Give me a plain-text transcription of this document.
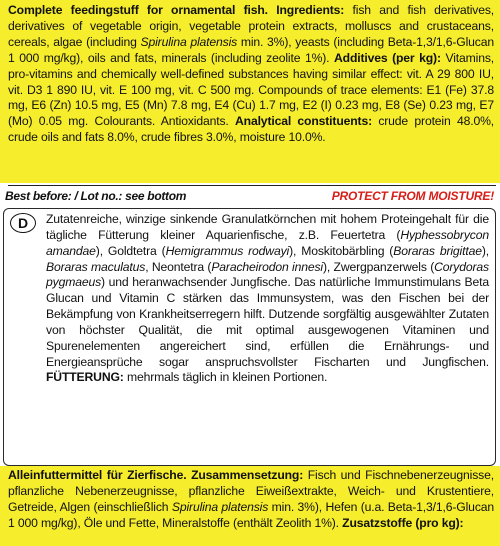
Complete feedingstuff for ornamental fish. Ingredients: fish and fish derivatives, derivatives of vegetable origin, vegetable protein extracts, molluscs and crustaceans, cereals, algae (including Spirulina platensis min. 3%), yeasts (including Beta-1,3/1,6-Glucan 1 000 mg/kg), oils and fats, minerals (including zeolite 1%). Additives (per kg): Vitamins, pro-vitamins and chemically well-defined substances having similar effect: vit. A 29 800 IU, vit. D3 1 890 IU, vit. E 100 mg, vit. C 500 mg. Compounds of trace elements: E1 (Fe) 37.8 mg, E6 (Zn) 10.5 mg, E5 (Mn) 7.8 mg, E4 (Cu) 1.7 mg, E2 (I) 0.23 mg, E8 (Se) 0.23 mg, E7 (Mo) 0.05 mg. Colourants. Antioxidants. Analytical constituents: crude protein 48.0%, crude oils and fats 8.0%, crude fibres 3.0%, moisture 10.0%.

Best before: / Lot no.: see bottom	PROTECT FROM MOISTURE!
D	Zutatenreiche, winzige sinkende Granulatkörnchen mit hohem Proteingehalt für die tägliche Fütterung kleiner Aquarienfische, z.B. Feuertetra (Hyphessobrycon amandae), Goldtetra (Hemigrammus rodwayi), Moskitobärbling (Boraras brigittae), Boraras maculatus, Neontetra (Paracheirodon innesi), Zwergpanzerwels (Corydoras pygmaeus) und heranwachsender Jungfische. Das natürliche Immunstimulans Beta Glucan und Vitamin C stärken das Immunsystem, was den Fischen bei der Bekämpfung von Krankheitserregern hilft. Dutzende sorgfältig ausgewählter Zutaten von höchster Qualität, die mit optimal ausgewogenen Vitaminen und Spurenelementen angereichert sind, erfüllen die Ernährungs- und Energieansprüche sogar anspruchsvollster Fischarten und Jungfischen. FÜTTERUNG: mehrmals täglich in kleinen Portionen.

Alleinfuttermittel für Zierfische. Zusammensetzung: Fisch und Fischnebenerzeugnisse, pflanzliche Nebenerzeugnisse, pflanzliche Eiweißextrakte, Weich- und Krustentiere, Getreide, Algen (einschließlich Spirulina platensis min. 3%), Hefen (u.a. Beta-1,3/1,6-Glucan 1 000 mg/kg), Öle und Fette, Mineralstoffe (enthält Zeolith 1%). Zusatzstoffe (pro kg):
